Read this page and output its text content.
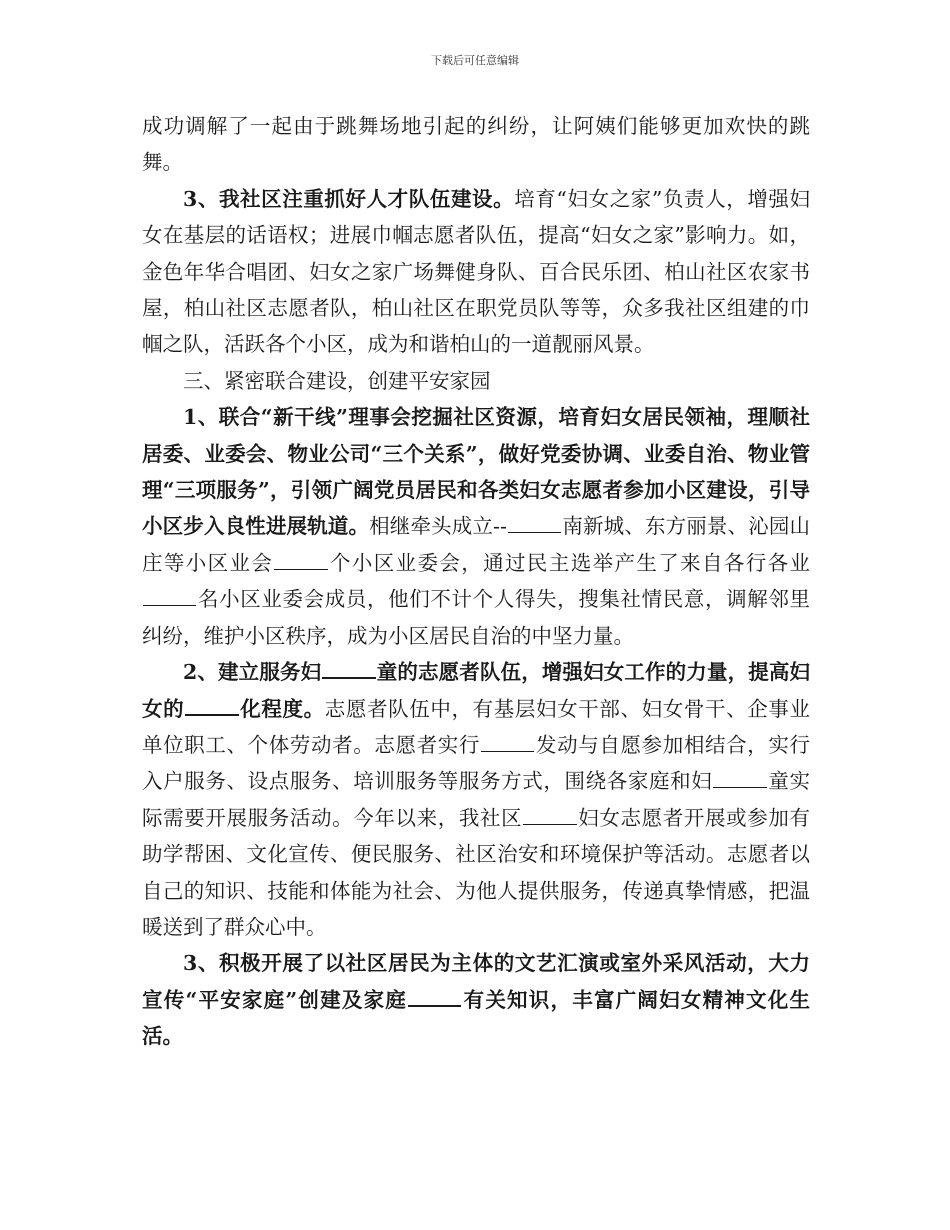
下载后可任意编辑

成功调解了一起由于跳舞场地引起的纠纷，让阿姨们能够更加欢快的跳舞。

3、我社区注重抓好人才队伍建设。培育“妇女之家”负责人，增强妇女在基层的话语权；进展巾帼志愿者队伍，提高“妇女之家”影响力。如，金色年华合唱团、妇女之家广场舞健身队、百合民乐团、柏山社区农家书屋，柏山社区志愿者队，柏山社区在职党员队等等，众多我社区组建的巾帼之队，活跃各个小区，成为和谐柏山的一道靓丽风景。

三、紧密联合建设，创建平安家园

1、联合“新干线”理事会挖掘社区资源，培育妇女居民领袖，理顺社居委、业委会、物业公司“三个关系”，做好党委协调、业委自治、物业管理“三项服务”，引领广阔党员居民和各类妇女志愿者参加小区建设，引导小区步入良性进展轨道。相继牵头成立--	南新城、东方丽景、沁园山庄等小区业会	个小区业委会，通过民主选举产生了来自各行各业名小区业委会成员，他们不计个人得失，搜集社情民意，调解邻里纠纷，维护小区秩序，成为小区居民自治的中坚力量。

2、建立服务妇	童的志愿者队伍，增强妇女工作的力量，提高妇女的	化程度。志愿者队伍中，有基层妇女干部、妇女骨干、企事业单位职工、个体劳动者。志愿者实行	发动与自愿参加相结合，实行入户服务、设点服务、培训服务等服务方式，围绕各家庭和妇	童实际需要开展服务活动。今年以来，我社区	妇女志愿者开展或参加有助学帮困、文化宣传、便民服务、社区治安和环境保护等活动。志愿者以自己的知识、技能和体能为社会、为他人提供服务，传递真挚情感，把温暖送到了群众心中。

3、积极开展了以社区居民为主体的文艺汇演或室外采风活动，大力宣传“平安家庭”创建及家庭	有关知识，丰富广阔妇女精神文化生活。
